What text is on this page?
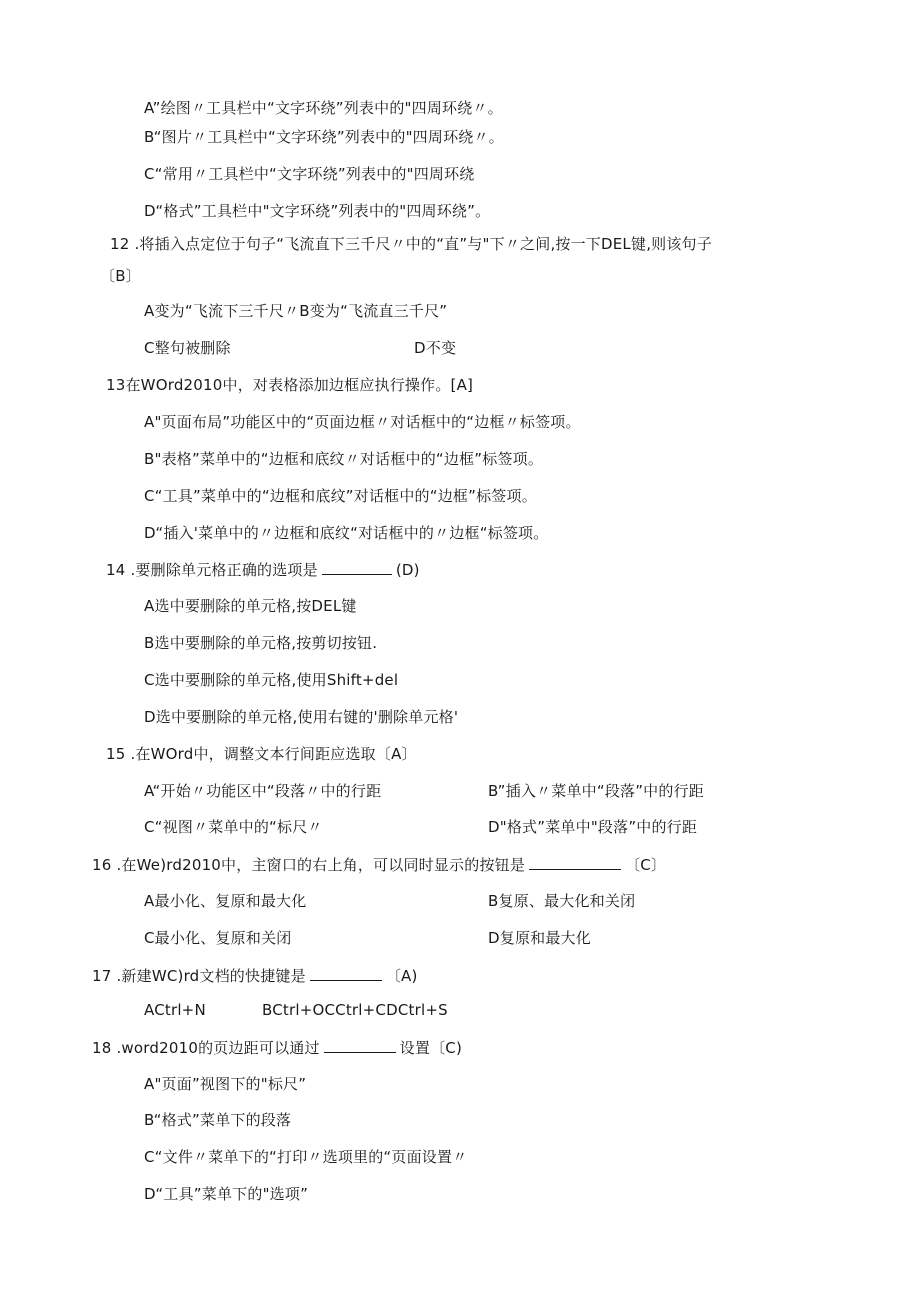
A”绘图〃工具栏中“文字环绕”列表中的"四周环绕〃。
B“图片〃工具栏中“文字环绕”列表中的"四周环绕〃。
C“常用〃工具栏中“文字环绕”列表中的"四周环绕
D“格式”工具栏中"文字环绕”列表中的"四周环绕”。
12 .将插入点定位于句子“飞流直下三千尺〃中的“直”与"下〃之间,按一下DEL键,则该句子
〔B〕
A变为“飞流下三千尺〃B变为“飞流直三千尺”
C整句被删除	D不变
13在WOrd2010中，对表格添加边框应执行操作。[A]
A"页面布局”功能区中的“页面边框〃对话框中的“边框〃标签项。
B"表格”菜单中的“边框和底纹〃对话框中的“边框”标签项。
C“工具”菜单中的“边框和底纹”对话框中的“边框”标签项。
D“插入'菜单中的〃边框和底纹“对话框中的〃边框“标签项。
14 .要删除单元格正确的选项是	(D)
A选中要删除的单元格,按DEL键
B选中要删除的单元格,按剪切按钮.
C选中要删除的单元格,使用Shift+del
D选中要删除的单元格,使用右键的'删除单元格'
15 .在WOrd中，调整文本行间距应选取〔A〕
A“开始〃功能区中“段落〃中的行距	B”插入〃菜单中“段落”中的行距
C“视图〃菜单中的“标尺〃	D"格式”菜单中"段落”中的行距
16 .在We)rd2010中，主窗口的右上角，可以同时显示的按钮是	〔C〕
A最小化、复原和最大化	B复原、最大化和关闭
C最小化、复原和关闭	D复原和最大化
17 .新建WC)rd文档的快捷键是	〔A)
ACtrl+N	BCtrl+OCCtrl+CDCtrl+S
18 .word2010的页边距可以通过	设置〔C)
A"页面”视图下的"标尺”
B“格式”菜单下的段落
C“文件〃菜单下的“打印〃选项里的“页面设置〃
D“工具”菜单下的"选项”
